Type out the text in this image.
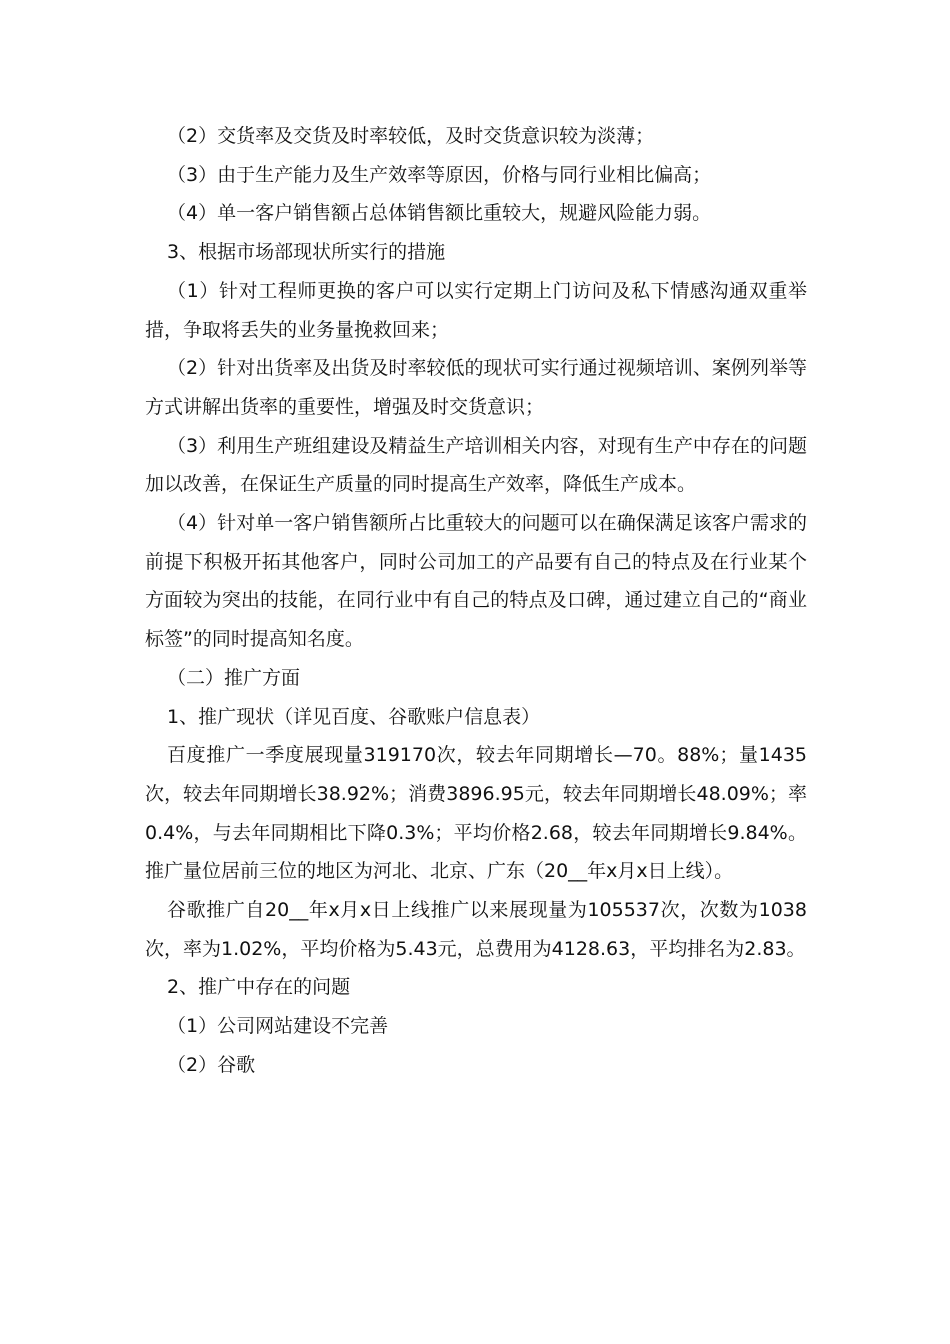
（2）交货率及交货及时率较低，及时交货意识较为淡薄；

（3）由于生产能力及生产效率等原因，价格与同行业相比偏高；

（4）单一客户销售额占总体销售额比重较大，规避风险能力弱。

3、根据市场部现状所实行的措施

（1）针对工程师更换的客户可以实行定期上门访问及私下情感沟通双重举措，争取将丢失的业务量挽救回来；

（2）针对出货率及出货及时率较低的现状可实行通过视频培训、案例列举等方式讲解出货率的重要性，增强及时交货意识；

（3）利用生产班组建设及精益生产培训相关内容，对现有生产中存在的问题加以改善，在保证生产质量的同时提高生产效率，降低生产成本。

（4）针对单一客户销售额所占比重较大的问题可以在确保满足该客户需求的前提下积极开拓其他客户，同时公司加工的产品要有自己的特点及在行业某个方面较为突出的技能，在同行业中有自己的特点及口碑，通过建立自己的“商业标签”的同时提高知名度。

（二）推广方面

1、推广现状（详见百度、谷歌账户信息表）

百度推广一季度展现量319170次，较去年同期增长—70。88%；量1435次，较去年同期增长38.92%；消费3896.95元，较去年同期增长48.09%；率0.4%，与去年同期相比下降0.3%；平均价格2.68，较去年同期增长9.84%。推广量位居前三位的地区为河北、北京、广东（20__年x月x日上线）。

谷歌推广自20__年x月x日上线推广以来展现量为105537次，次数为1038次，率为1.02%，平均价格为5.43元，总费用为4128.63，平均排名为2.83。

2、推广中存在的问题

（1）公司网站建设不完善

（2）谷歌
